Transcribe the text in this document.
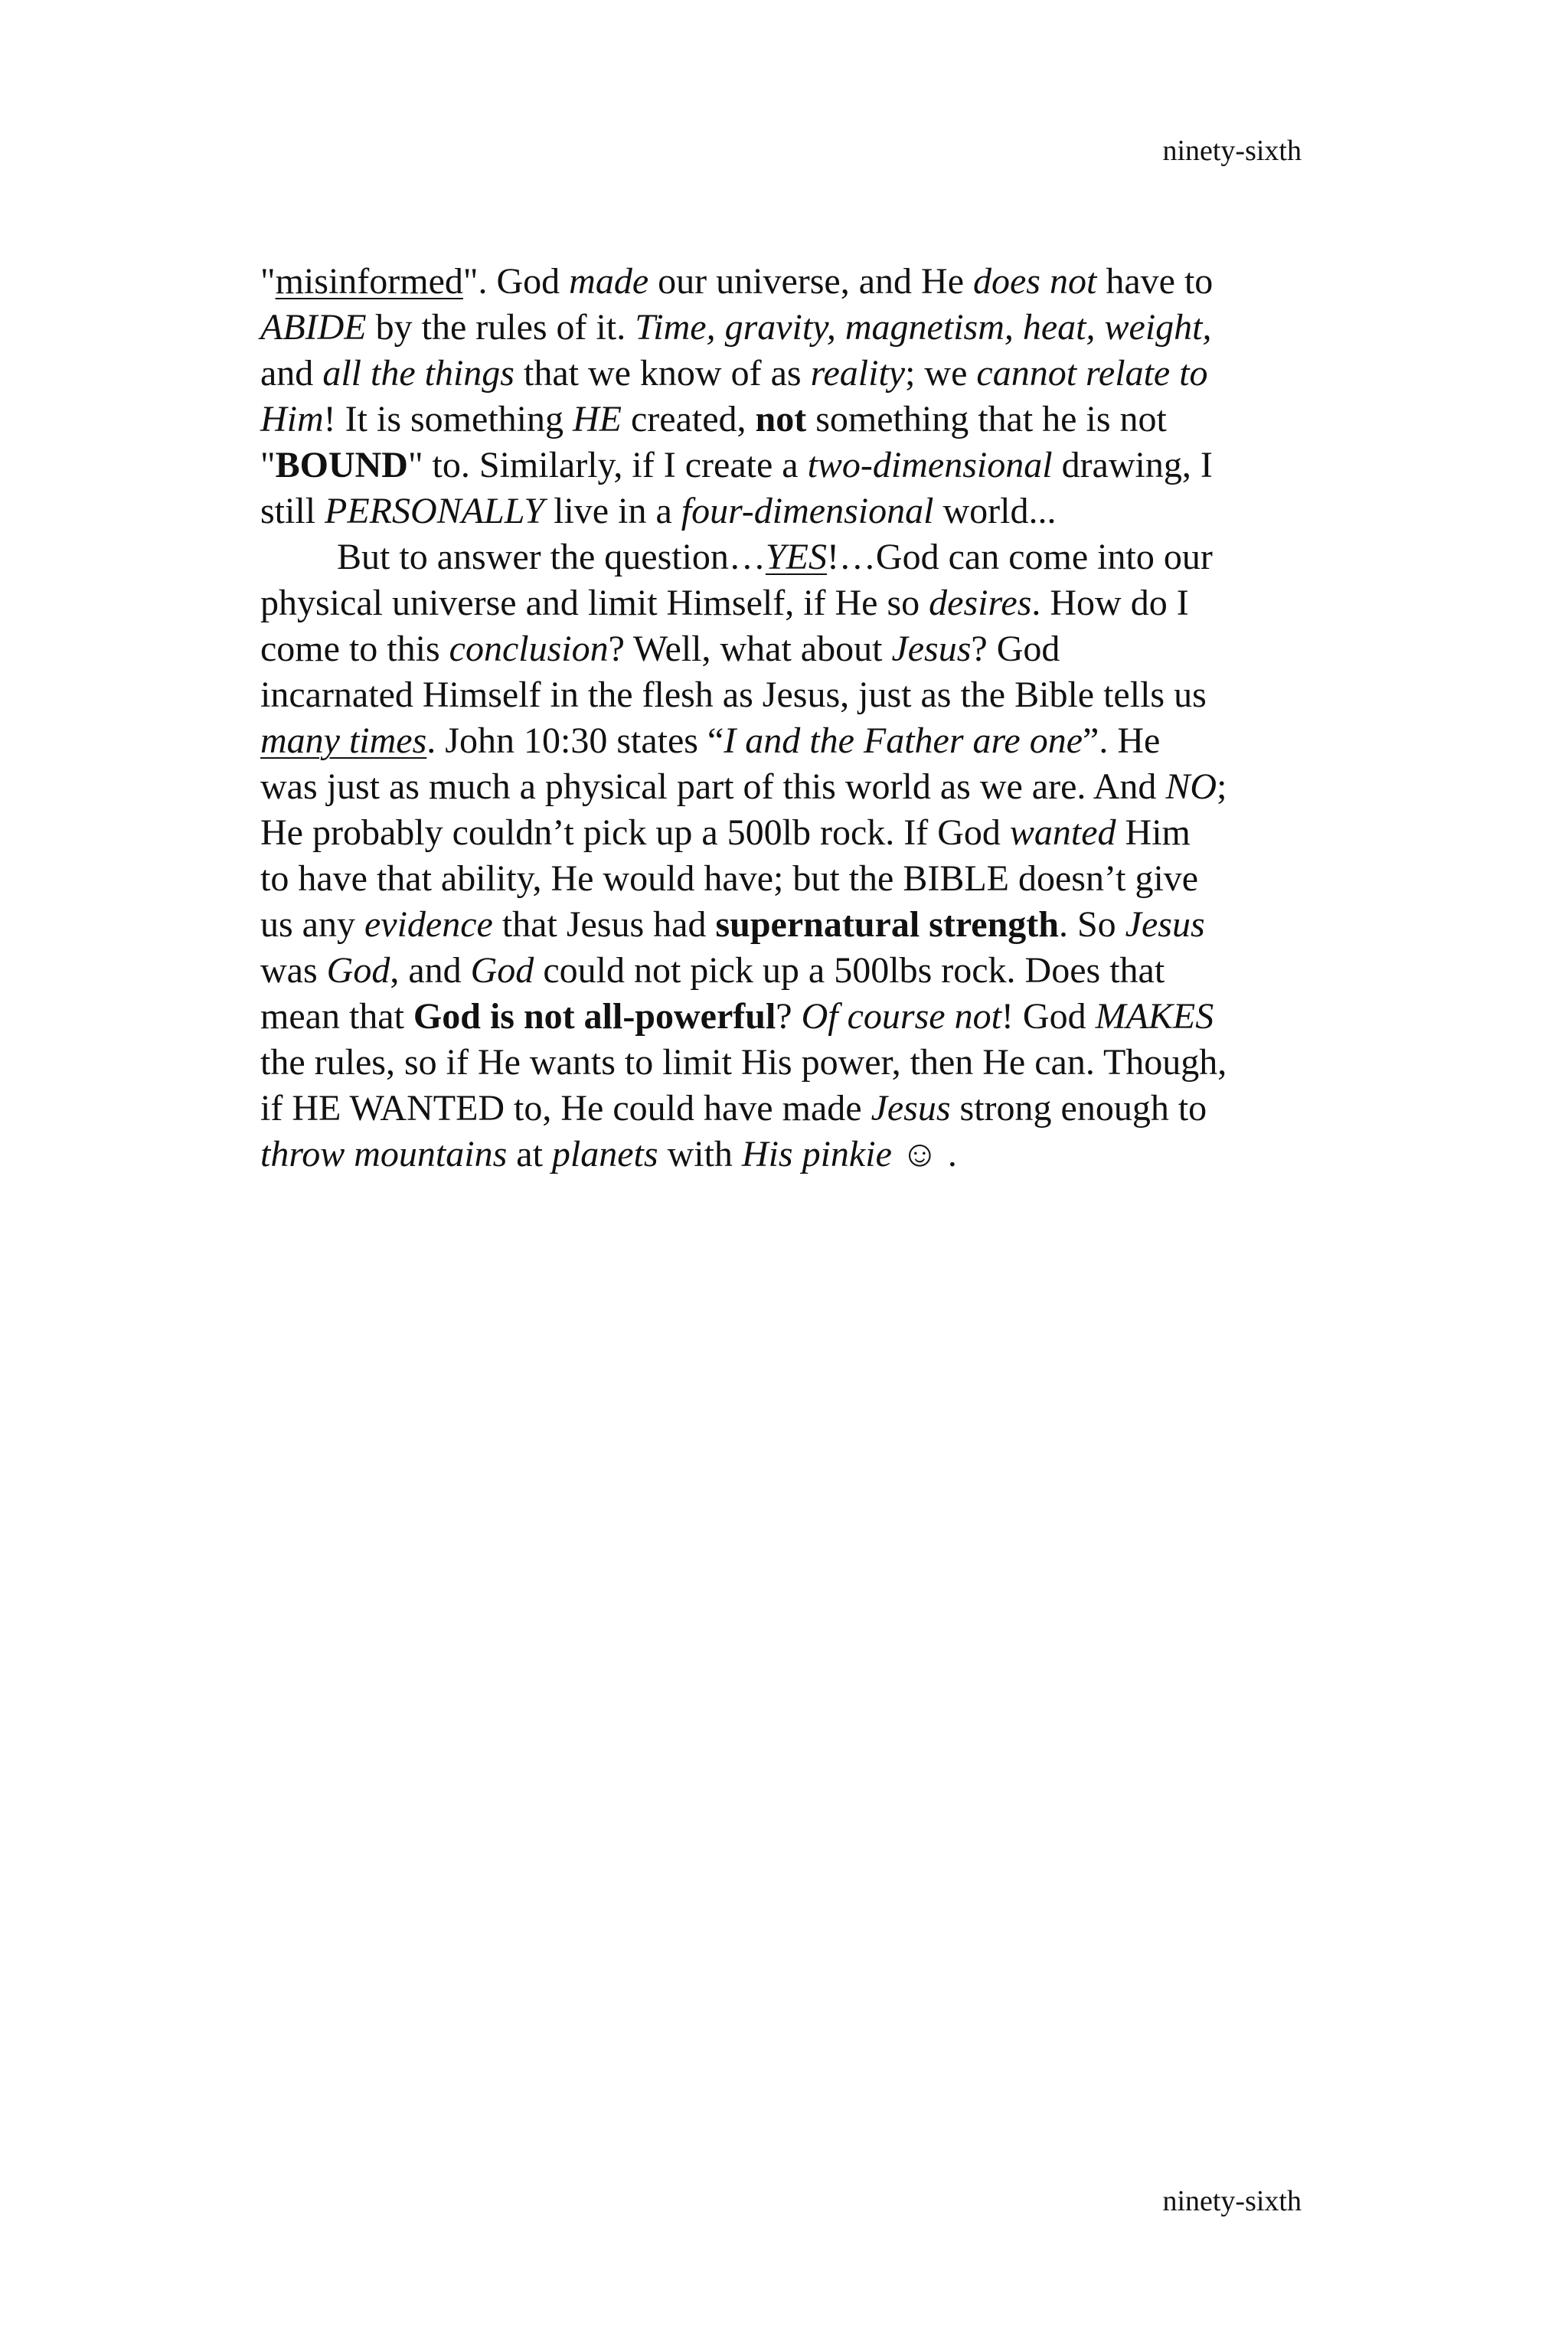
ninety-sixth
"misinformed". God made our universe, and He does not have to
ABIDE by the rules of it. Time, gravity, magnetism, heat, weight,
and all the things that we know of as reality; we cannot relate to
Him! It is something HE created, not something that he is not
"BOUND" to. Similarly, if I create a two-dimensional drawing, I
still PERSONALLY live in a four-dimensional world...
But to answer the question…YES!…God can come into our
physical universe and limit Himself, if He so desires. How do I
come to this conclusion? Well, what about Jesus? God
incarnated Himself in the flesh as Jesus, just as the Bible tells us
many times. John 10:30 states “I and the Father are one”. He
was just as much a physical part of this world as we are. And NO;
He probably couldn’t pick up a 500lb rock. If God wanted Him
to have that ability, He would have; but the BIBLE doesn’t give
us any evidence that Jesus had supernatural strength. So Jesus
was God, and God could not pick up a 500lbs rock. Does that
mean that God is not all-powerful? Of course not! God MAKES
the rules, so if He wants to limit His power, then He can. Though,
if HE WANTED to, He could have made Jesus strong enough to
throw mountains at planets with His pinkie ☺ .
ninety-sixth
